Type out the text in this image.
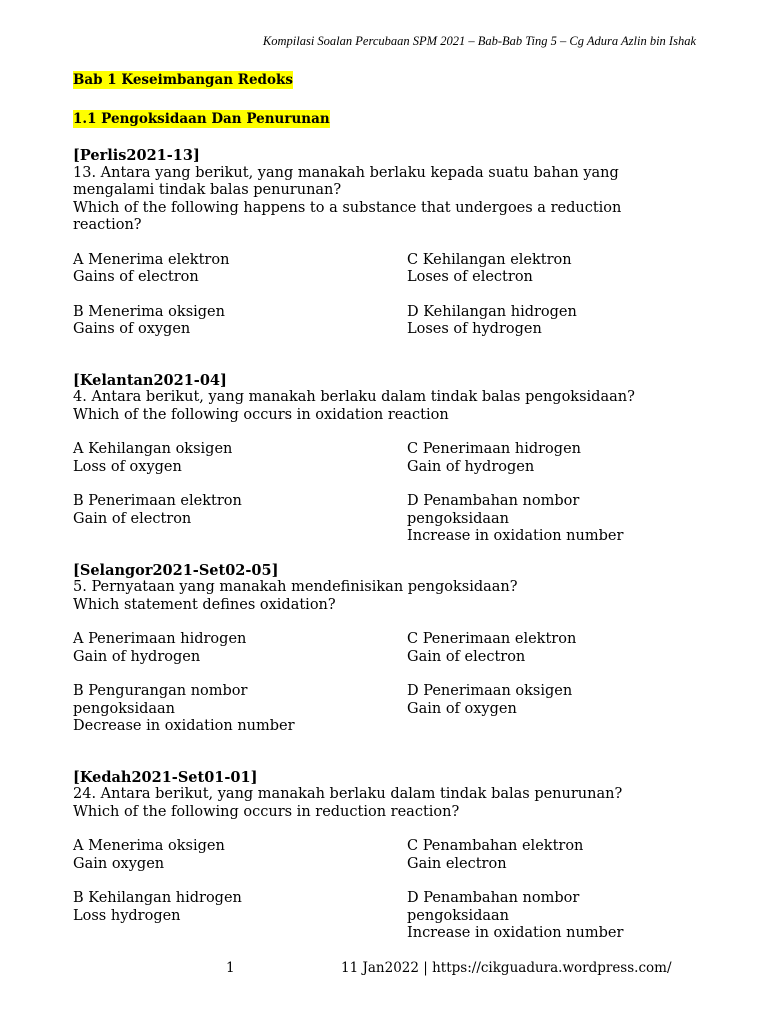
Kompilasi Soalan Percubaan SPM 2021 – Bab-Bab Ting 5 – Cg Adura Azlin bin Ishak
Bab 1 Keseimbangan Redoks
1.1 Pengoksidaan Dan Penurunan
[Perlis2021-13]
13. Antara yang berikut, yang manakah berlaku kepada suatu bahan yang
mengalami tindak balas penurunan?
Which of the following happens to a substance that undergoes a reduction
reaction?
A Menerima elektron
Gains of electron
C Kehilangan elektron
Loses of electron
B Menerima oksigen
Gains of oxygen
D Kehilangan hidrogen
Loses of hydrogen
[Kelantan2021-04]
4. Antara berikut, yang manakah berlaku dalam tindak balas pengoksidaan?
Which of the following occurs in oxidation reaction
A Kehilangan oksigen
Loss of oxygen
C Penerimaan hidrogen
Gain of hydrogen
B Penerimaan elektron
Gain of electron
D Penambahan nombor
pengoksidaan
Increase in oxidation number
[Selangor2021-Set02-05]
5. Pernyataan yang manakah mendefinisikan pengoksidaan?
Which statement defines oxidation?
A Penerimaan hidrogen
Gain of hydrogen
C Penerimaan elektron
Gain of electron
B Pengurangan nombor
pengoksidaan
Decrease in oxidation number
D Penerimaan oksigen
Gain of oxygen
[Kedah2021-Set01-01]
24. Antara berikut, yang manakah berlaku dalam tindak balas penurunan?
Which of the following occurs in reduction reaction?
A Menerima oksigen
Gain oxygen
C Penambahan elektron
Gain electron
B Kehilangan hidrogen
Loss hydrogen
D Penambahan nombor
pengoksidaan
Increase in oxidation number
1	11 Jan2022 | https://cikguadura.wordpress.com/
